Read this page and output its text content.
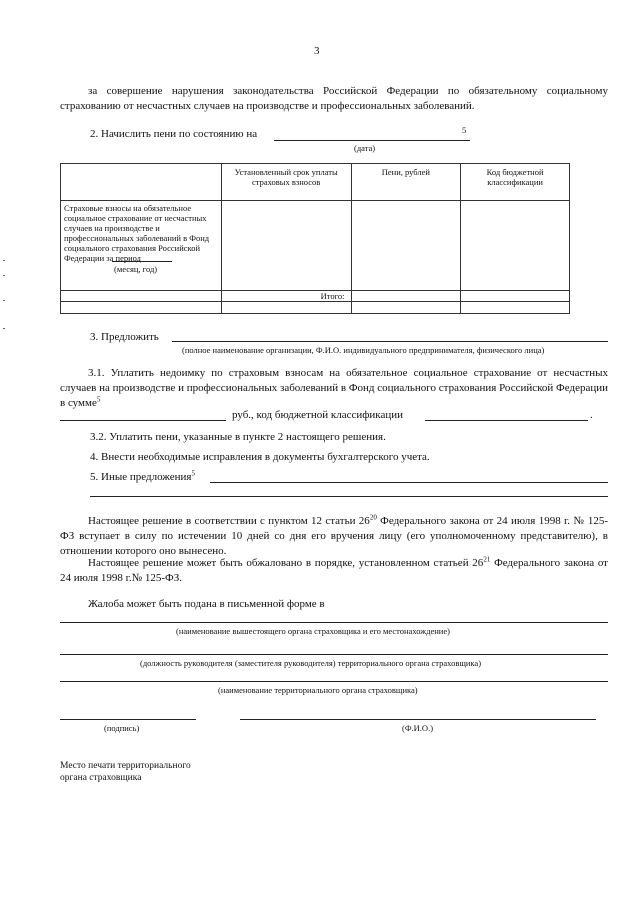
3
за совершение нарушения законодательства Российской Федерации по обязательному социальному страхованию от несчастных случаев на производстве и профессиональных заболеваний.
2. Начислить пени по состоянию на	5
(дата)
	Установленный срок уплаты страховых взносов	Пени, рублей	Код бюджетной классификации

Страховые взносы на обязательное социальное страхование от несчастных случаев на производстве и профессиональных заболеваний в Фонд социального страхования Российской Федерации за период
(месяц, год)			

	Итого:		

3. Предложить
(полное наименование организации, Ф.И.О. индивидуального предпринимателя, физического лица)
3.1. Уплатить недоимку по страховым взносам на обязательное социальное страхование от несчастных случаев на производстве и профессиональных заболеваний в Фонд социального страхования Российской Федерации в сумме$^5$
руб., код бюджетной классификации	.
3.2. Уплатить пени, указанные в пункте 2 настоящего решения.
4. Внести необходимые исправления в документы бухгалтерского учета.
5. Иные предложения$^5$
Настоящее решение в соответствии с пунктом 12 статьи $26^{20}$ Федерального закона от 24 июля 1998 г. № 125-ФЗ вступает в силу по истечении 10 дней со дня его вручения лицу (его уполномоченному представителю), в отношении которого оно вынесено.
Настоящее решение может быть обжаловано в порядке, установленном статьей $26^{21}$ Федерального закона от 24 июля 1998 г.№ 125-ФЗ.
Жалоба может быть подана в письменной форме в
(наименование вышестоящего органа страховщика и его местонахождение)
(должность руководителя (заместителя руководителя) территориального органа страховщика)
(наименование территориального органа страховщика)
(подпись)	(Ф.И.О.)
Место печати территориального
органа страховщика
